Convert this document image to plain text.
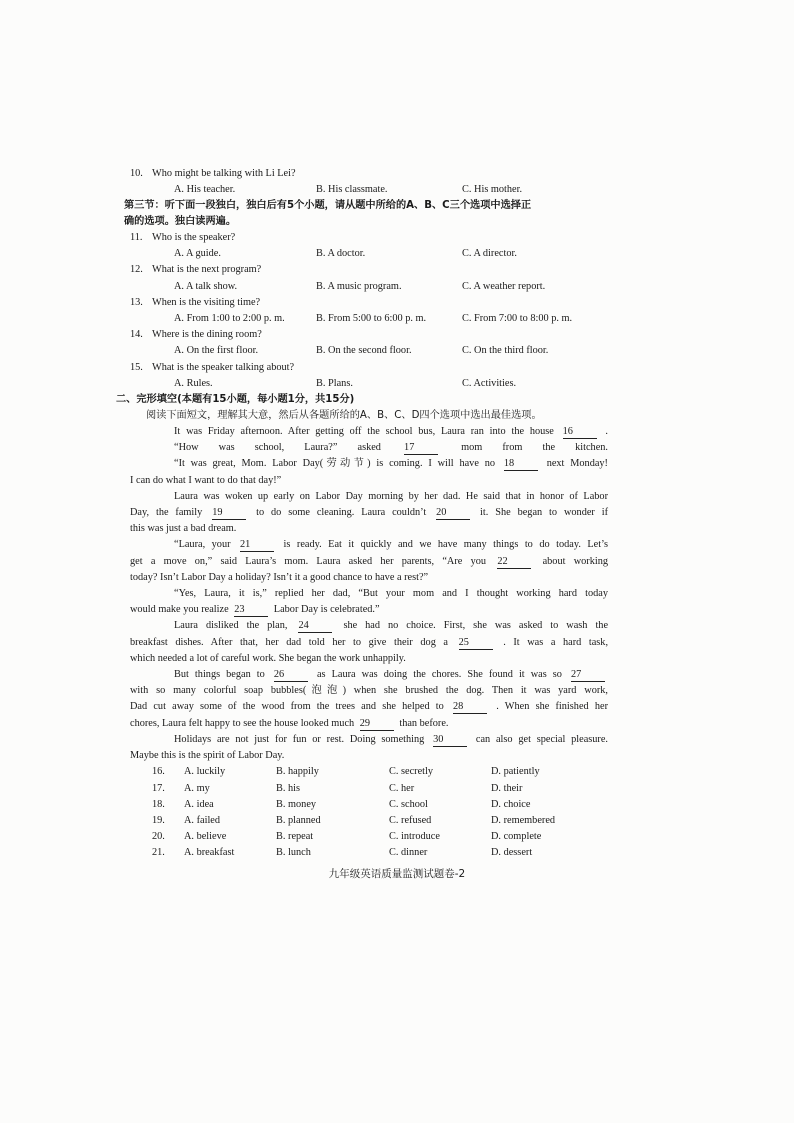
10. Who might be talking with Li Lei?
A. His teacher.	B. His classmate.	C. His mother.
第三节：听下面一段独白，独白后有5个小题，请从题中所给的A、B、C三个选项中选择正
确的选项。独白读两遍。
11. Who is the speaker?
A. A guide.	B. A doctor.	C. A director.
12. What is the next program?
A. A talk show.	B. A music program.	C. A weather report.
13. When is the visiting time?
A. From 1:00 to 2:00 p. m.	B. From 5:00 to 6:00 p. m.	C. From 7:00 to 8:00 p. m.
14. Where is the dining room?
A. On the first floor.	B. On the second floor.	C. On the third floor.
15. What is the speaker talking about?
A. Rules.	B. Plans.	C. Activities.
二、完形填空(本题有15小题，每小题1分，共15分)
阅读下面短文，理解其大意，然后从各题所给的A、B、C、D四个选项中选出最佳选项。
It was Friday afternoon. After getting off the school bus, Laura ran into the house 16	.
“How was school, Laura?” asked 17	mom from the kitchen.
“It was great, Mom. Labor Day(劳动节) is coming. I will have no 18	next Monday!
I can do what I want to do that day!”
Laura was woken up early on Labor Day morning by her dad. He said that in honor of Labor
Day, the family 19	to do some cleaning. Laura couldn’t 20	it. She began to wonder if
this was just a bad dream.
“Laura, your 21	is ready. Eat it quickly and we have many things to do today. Let’s
get a move on,” said Laura’s mom. Laura asked her parents, “Are you 22	about working
today? Isn’t Labor Day a holiday? Isn’t it a good chance to have a rest?”
“Yes, Laura, it is,” replied her dad, “But your mom and I thought working hard today
would make you realize 23	Labor Day is celebrated.”
Laura disliked the plan, 24	she had no choice. First, she was asked to wash the
breakfast dishes. After that, her dad told her to give their dog a 25	. It was a hard task,
which needed a lot of careful work. She began the work unhappily.
But things began to 26	as Laura was doing the chores. She found it was so 27
with so many colorful soap bubbles(泡泡) when she brushed the dog. Then it was yard work,
Dad cut away some of the wood from the trees and she helped to 28	. When she finished her
chores, Laura felt happy to see the house looked much 29	than before.
Holidays are not just for fun or rest. Doing something 30	can also get special pleasure.
Maybe this is the spirit of Labor Day.
16.	A. luckily	B. happily	C. secretly	D. patiently
17.	A. my	B. his	C. her	D. their
18.	A. idea	B. money	C. school	D. choice
19.	A. failed	B. planned	C. refused	D. remembered
20.	A. believe	B. repeat	C. introduce	D. complete
21.	A. breakfast	B. lunch	C. dinner	D. dessert
九年级英语质量监测试题卷-2
